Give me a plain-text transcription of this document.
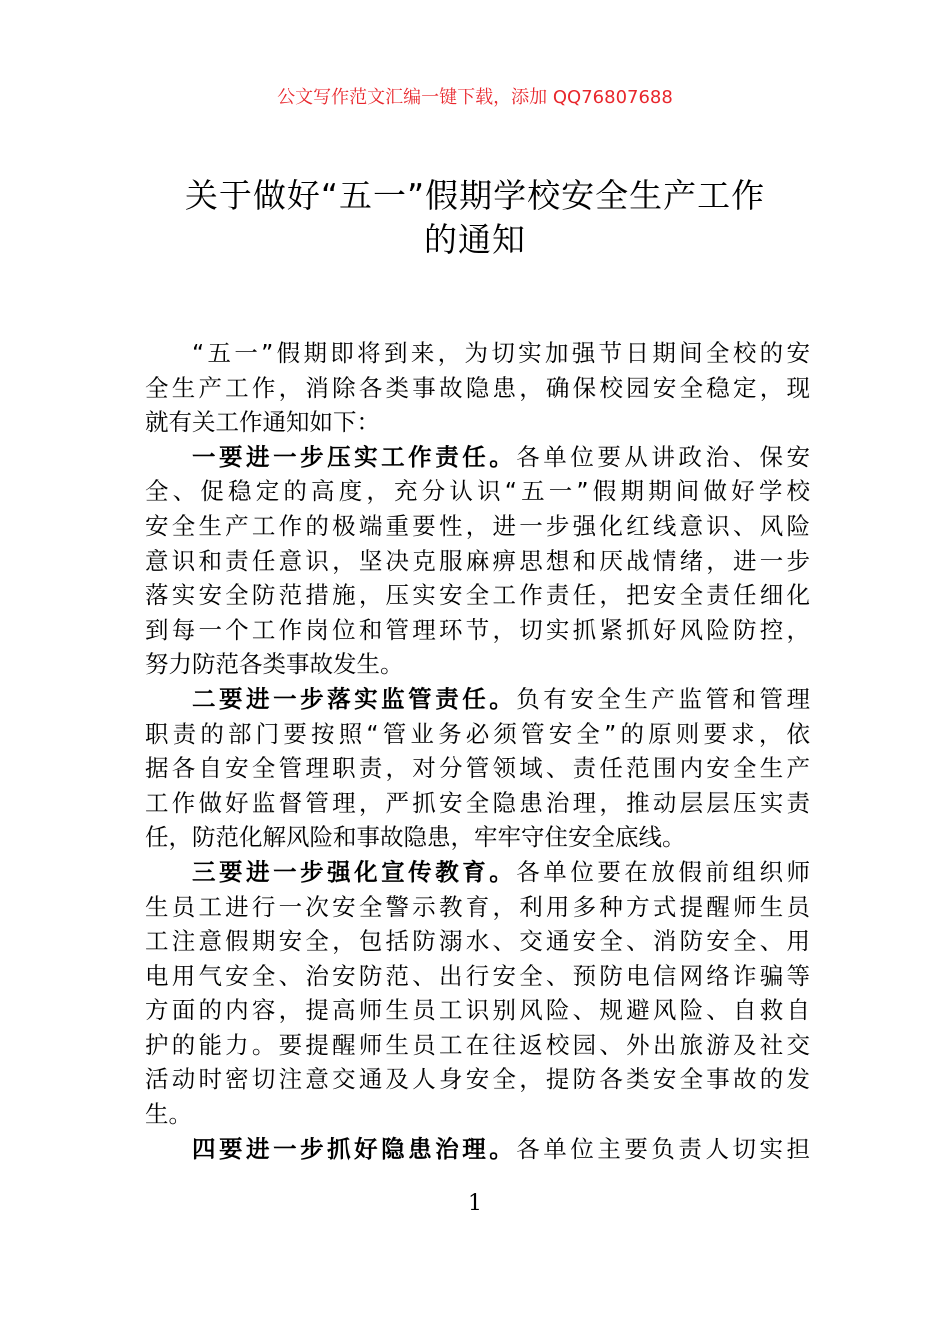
公文写作范文汇编一键下载，添加 QQ76807688
关于做好“五一”假期学校安全生产工作
的通知
“五一”假期即将到来，为切实加强节日期间全校的安
全生产工作，消除各类事故隐患，确保校园安全稳定，现
就有关工作通知如下：
一要进一步压实工作责任。各单位要从讲政治、保安
全、促稳定的高度，充分认识“五一”假期期间做好学校
安全生产工作的极端重要性，进一步强化红线意识、风险
意识和责任意识，坚决克服麻痹思想和厌战情绪，进一步
落实安全防范措施，压实安全工作责任，把安全责任细化
到每一个工作岗位和管理环节，切实抓紧抓好风险防控，
努力防范各类事故发生。
二要进一步落实监管责任。负有安全生产监管和管理
职责的部门要按照“管业务必须管安全”的原则要求，依
据各自安全管理职责，对分管领域、责任范围内安全生产
工作做好监督管理，严抓安全隐患治理，推动层层压实责
任，防范化解风险和事故隐患，牢牢守住安全底线。
三要进一步强化宣传教育。各单位要在放假前组织师
生员工进行一次安全警示教育，利用多种方式提醒师生员
工注意假期安全，包括防溺水、交通安全、消防安全、用
电用气安全、治安防范、出行安全、预防电信网络诈骗等
方面的内容，提高师生员工识别风险、规避风险、自救自
护的能力。要提醒师生员工在往返校园、外出旅游及社交
活动时密切注意交通及人身安全，提防各类安全事故的发
生。
四要进一步抓好隐患治理。各单位主要负责人切实担
1
